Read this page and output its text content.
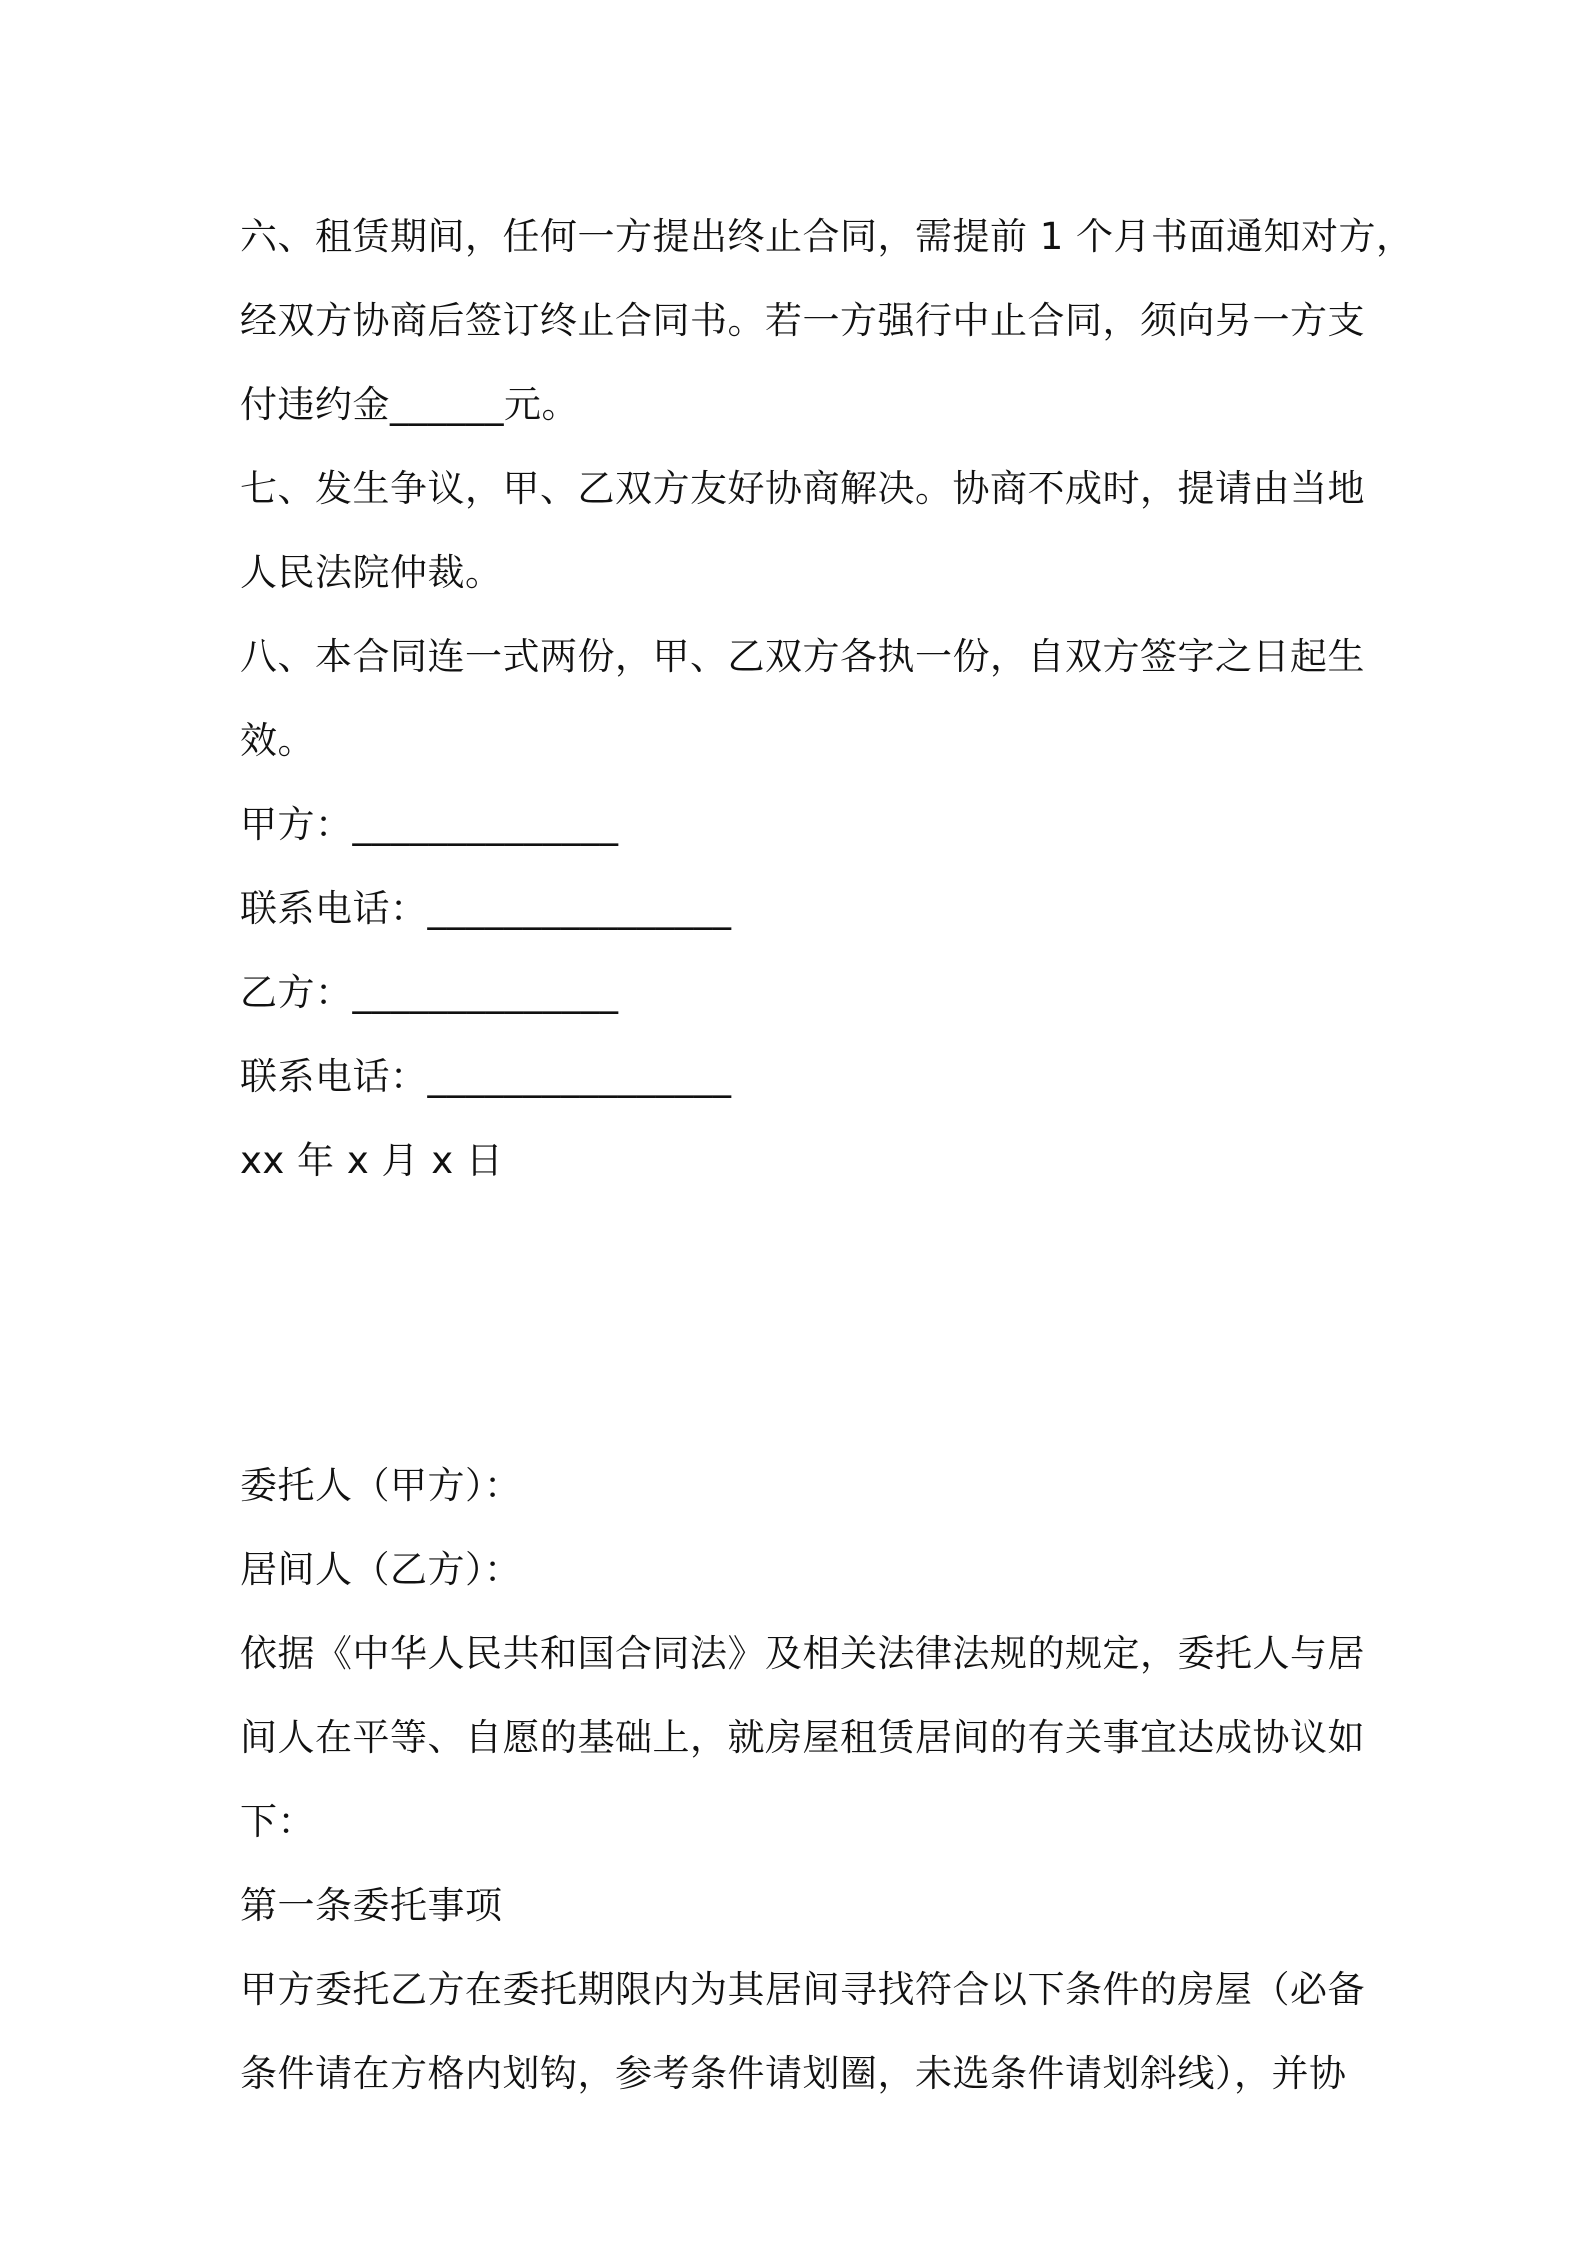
六、租赁期间，任何一方提出终止合同，需提前 1 个月书面通知对方，
经双方协商后签订终止合同书。若一方强行中止合同，须向另一方支
付违约金______元。
七、发生争议，甲、乙双方友好协商解决。协商不成时，提请由当地
人民法院仲裁。
八、本合同连一式两份，甲、乙双方各执一份，自双方签字之日起生
效。
甲方：______________
联系电话：________________
乙方：______________
联系电话：________________
xx 年 x 月 x 日
委托人（甲方）：
居间人（乙方）：
依据《中华人民共和国合同法》及相关法律法规的规定，委托人与居
间人在平等、自愿的基础上，就房屋租赁居间的有关事宜达成协议如
下：
第一条委托事项
甲方委托乙方在委托期限内为其居间寻找符合以下条件的房屋（必备
条件请在方格内划钩，参考条件请划圈，未选条件请划斜线），并协
